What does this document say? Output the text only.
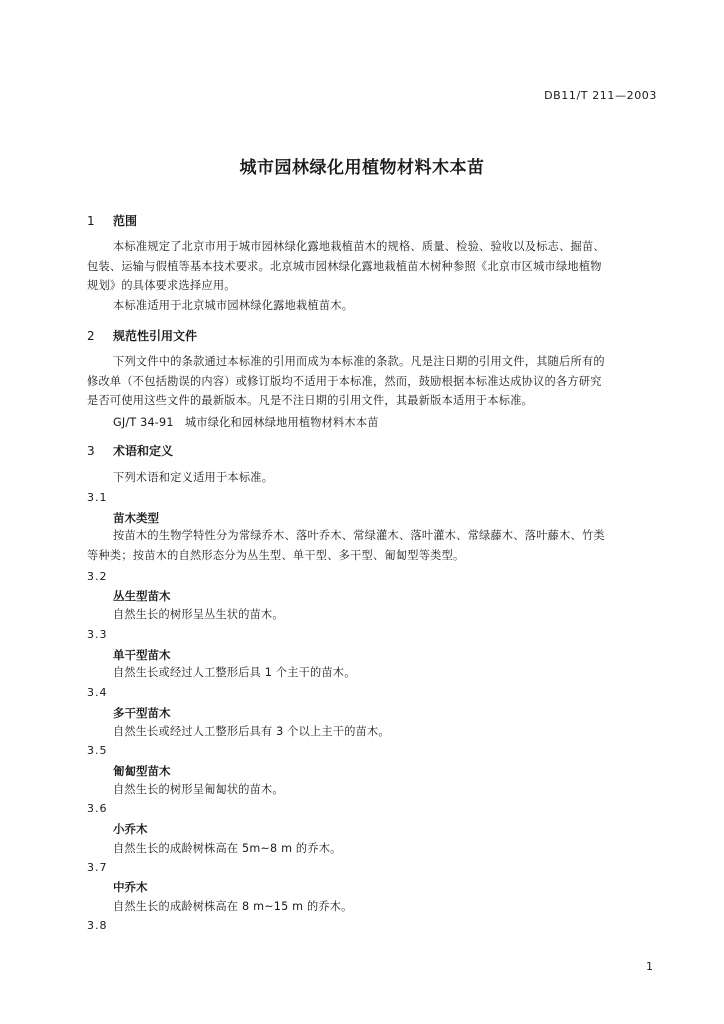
DB11/T 211—2003
城市园林绿化用植物材料木本苗
1 范围
本标准规定了北京市用于城市园林绿化露地栽植苗木的规格、质量、检验、验收以及标志、掘苗、
包装、运输与假植等基本技术要求。北京城市园林绿化露地栽植苗木树种参照《北京市区城市绿地植物
规划》的具体要求选择应用。
本标准适用于北京城市园林绿化露地栽植苗木。
2 规范性引用文件
下列文件中的条款通过本标准的引用而成为本标准的条款。凡是注日期的引用文件，其随后所有的
修改单（不包括勘误的内容）或修订版均不适用于本标准，然而，鼓励根据本标准达成协议的各方研究
是否可使用这些文件的最新版本。凡是不注日期的引用文件，其最新版本适用于本标准。
GJ/T 34-91 城市绿化和园林绿地用植物材料木本苗
3 术语和定义
下列术语和定义适用于本标准。
3.1
苗木类型
按苗木的生物学特性分为常绿乔木、落叶乔木、常绿灌木、落叶灌木、常绿藤木、落叶藤木、竹类
等种类；按苗木的自然形态分为丛生型、单干型、多干型、匍匐型等类型。
3.2
丛生型苗木
自然生长的树形呈丛生状的苗木。
3.3
单干型苗木
自然生长或经过人工整形后具 1 个主干的苗木。
3.4
多干型苗木
自然生长或经过人工整形后具有 3 个以上主干的苗木。
3.5
匍匐型苗木
自然生长的树形呈匍匐状的苗木。
3.6
小乔木
自然生长的成龄树株高在 5m~8 m 的乔木。
3.7
中乔木
自然生长的成龄树株高在 8 m~15 m 的乔木。
3.8
1
